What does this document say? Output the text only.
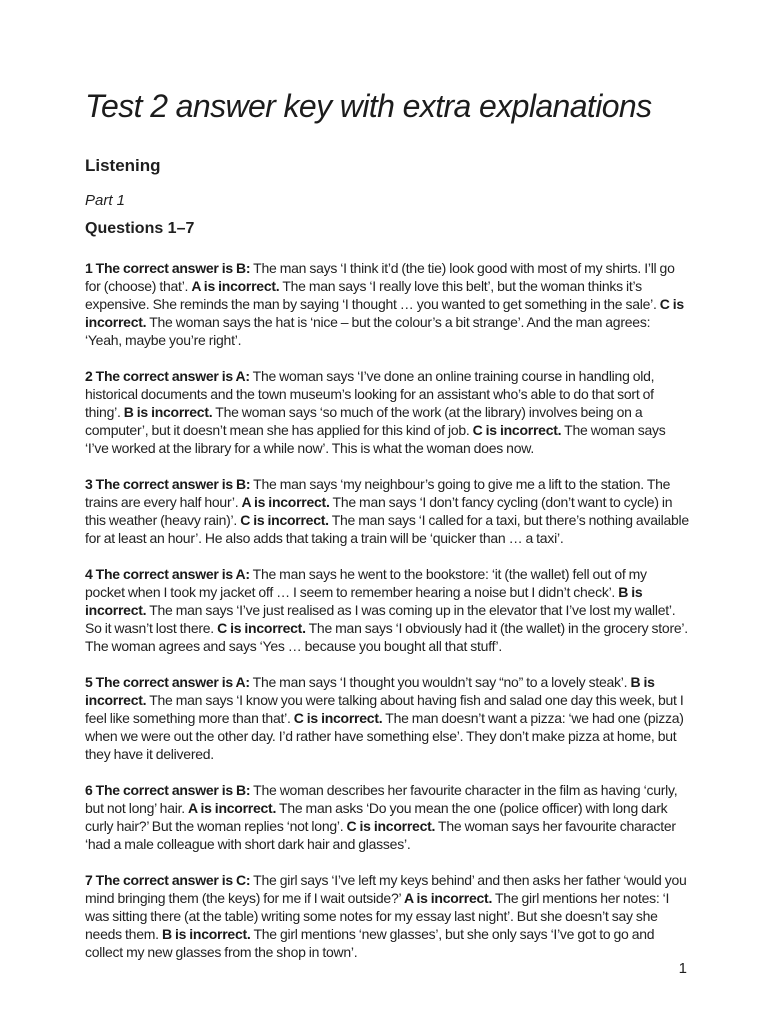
Test 2 answer key with extra explanations
Listening
Part 1
Questions 1–7

1 The correct answer is B: The man says ‘I think it’d (the tie) look good with most of my shirts. I’ll go for (choose) that’. A is incorrect. The man says ‘I really love this belt’, but the woman thinks it’s expensive. She reminds the man by saying ‘I thought … you wanted to get something in the sale’. C is incorrect. The woman says the hat is ‘nice – but the colour’s a bit strange’. And the man agrees: ‘Yeah, maybe you’re right’.

2 The correct answer is A: The woman says ‘I’ve done an online training course in handling old, historical documents and the town museum’s looking for an assistant who’s able to do that sort of thing’. B is incorrect. The woman says ‘so much of the work (at the library) involves being on a computer’, but it doesn’t mean she has applied for this kind of job. C is incorrect. The woman says ‘I’ve worked at the library for a while now’. This is what the woman does now.

3 The correct answer is B: The man says ‘my neighbour’s going to give me a lift to the station. The trains are every half hour’. A is incorrect. The man says ‘I don’t fancy cycling (don’t want to cycle) in this weather (heavy rain)’. C is incorrect. The man says ‘I called for a taxi, but there’s nothing available for at least an hour’. He also adds that taking a train will be ‘quicker than … a taxi’.

4 The correct answer is A: The man says he went to the bookstore: ‘it (the wallet) fell out of my pocket when I took my jacket off … I seem to remember hearing a noise but I didn’t check’. B is incorrect. The man says ‘I’ve just realised as I was coming up in the elevator that I’ve lost my wallet’. So it wasn’t lost there. C is incorrect. The man says ‘I obviously had it (the wallet) in the grocery store’. The woman agrees and says ‘Yes … because you bought all that stuff’.

5 The correct answer is A: The man says ‘I thought you wouldn’t say “no” to a lovely steak’. B is incorrect. The man says ‘I know you were talking about having fish and salad one day this week, but I feel like something more than that’. C is incorrect. The man doesn’t want a pizza: ‘we had one (pizza) when we were out the other day. I’d rather have something else’. They don’t make pizza at home, but they have it delivered.

6 The correct answer is B: The woman describes her favourite character in the film as having ‘curly, but not long’ hair. A is incorrect. The man asks ‘Do you mean the one (police officer) with long dark curly hair?’ But the woman replies ‘not long’. C is incorrect. The woman says her favourite character ‘had a male colleague with short dark hair and glasses’.

7 The correct answer is C: The girl says ‘I’ve left my keys behind’ and then asks her father ‘would you mind bringing them (the keys) for me if I wait outside?’ A is incorrect. The girl mentions her notes: ‘I was sitting there (at the table) writing some notes for my essay last night’. But she doesn’t say she needs them. B is incorrect. The girl mentions ‘new glasses’, but she only says ‘I’ve got to go and collect my new glasses from the shop in town’.

1
